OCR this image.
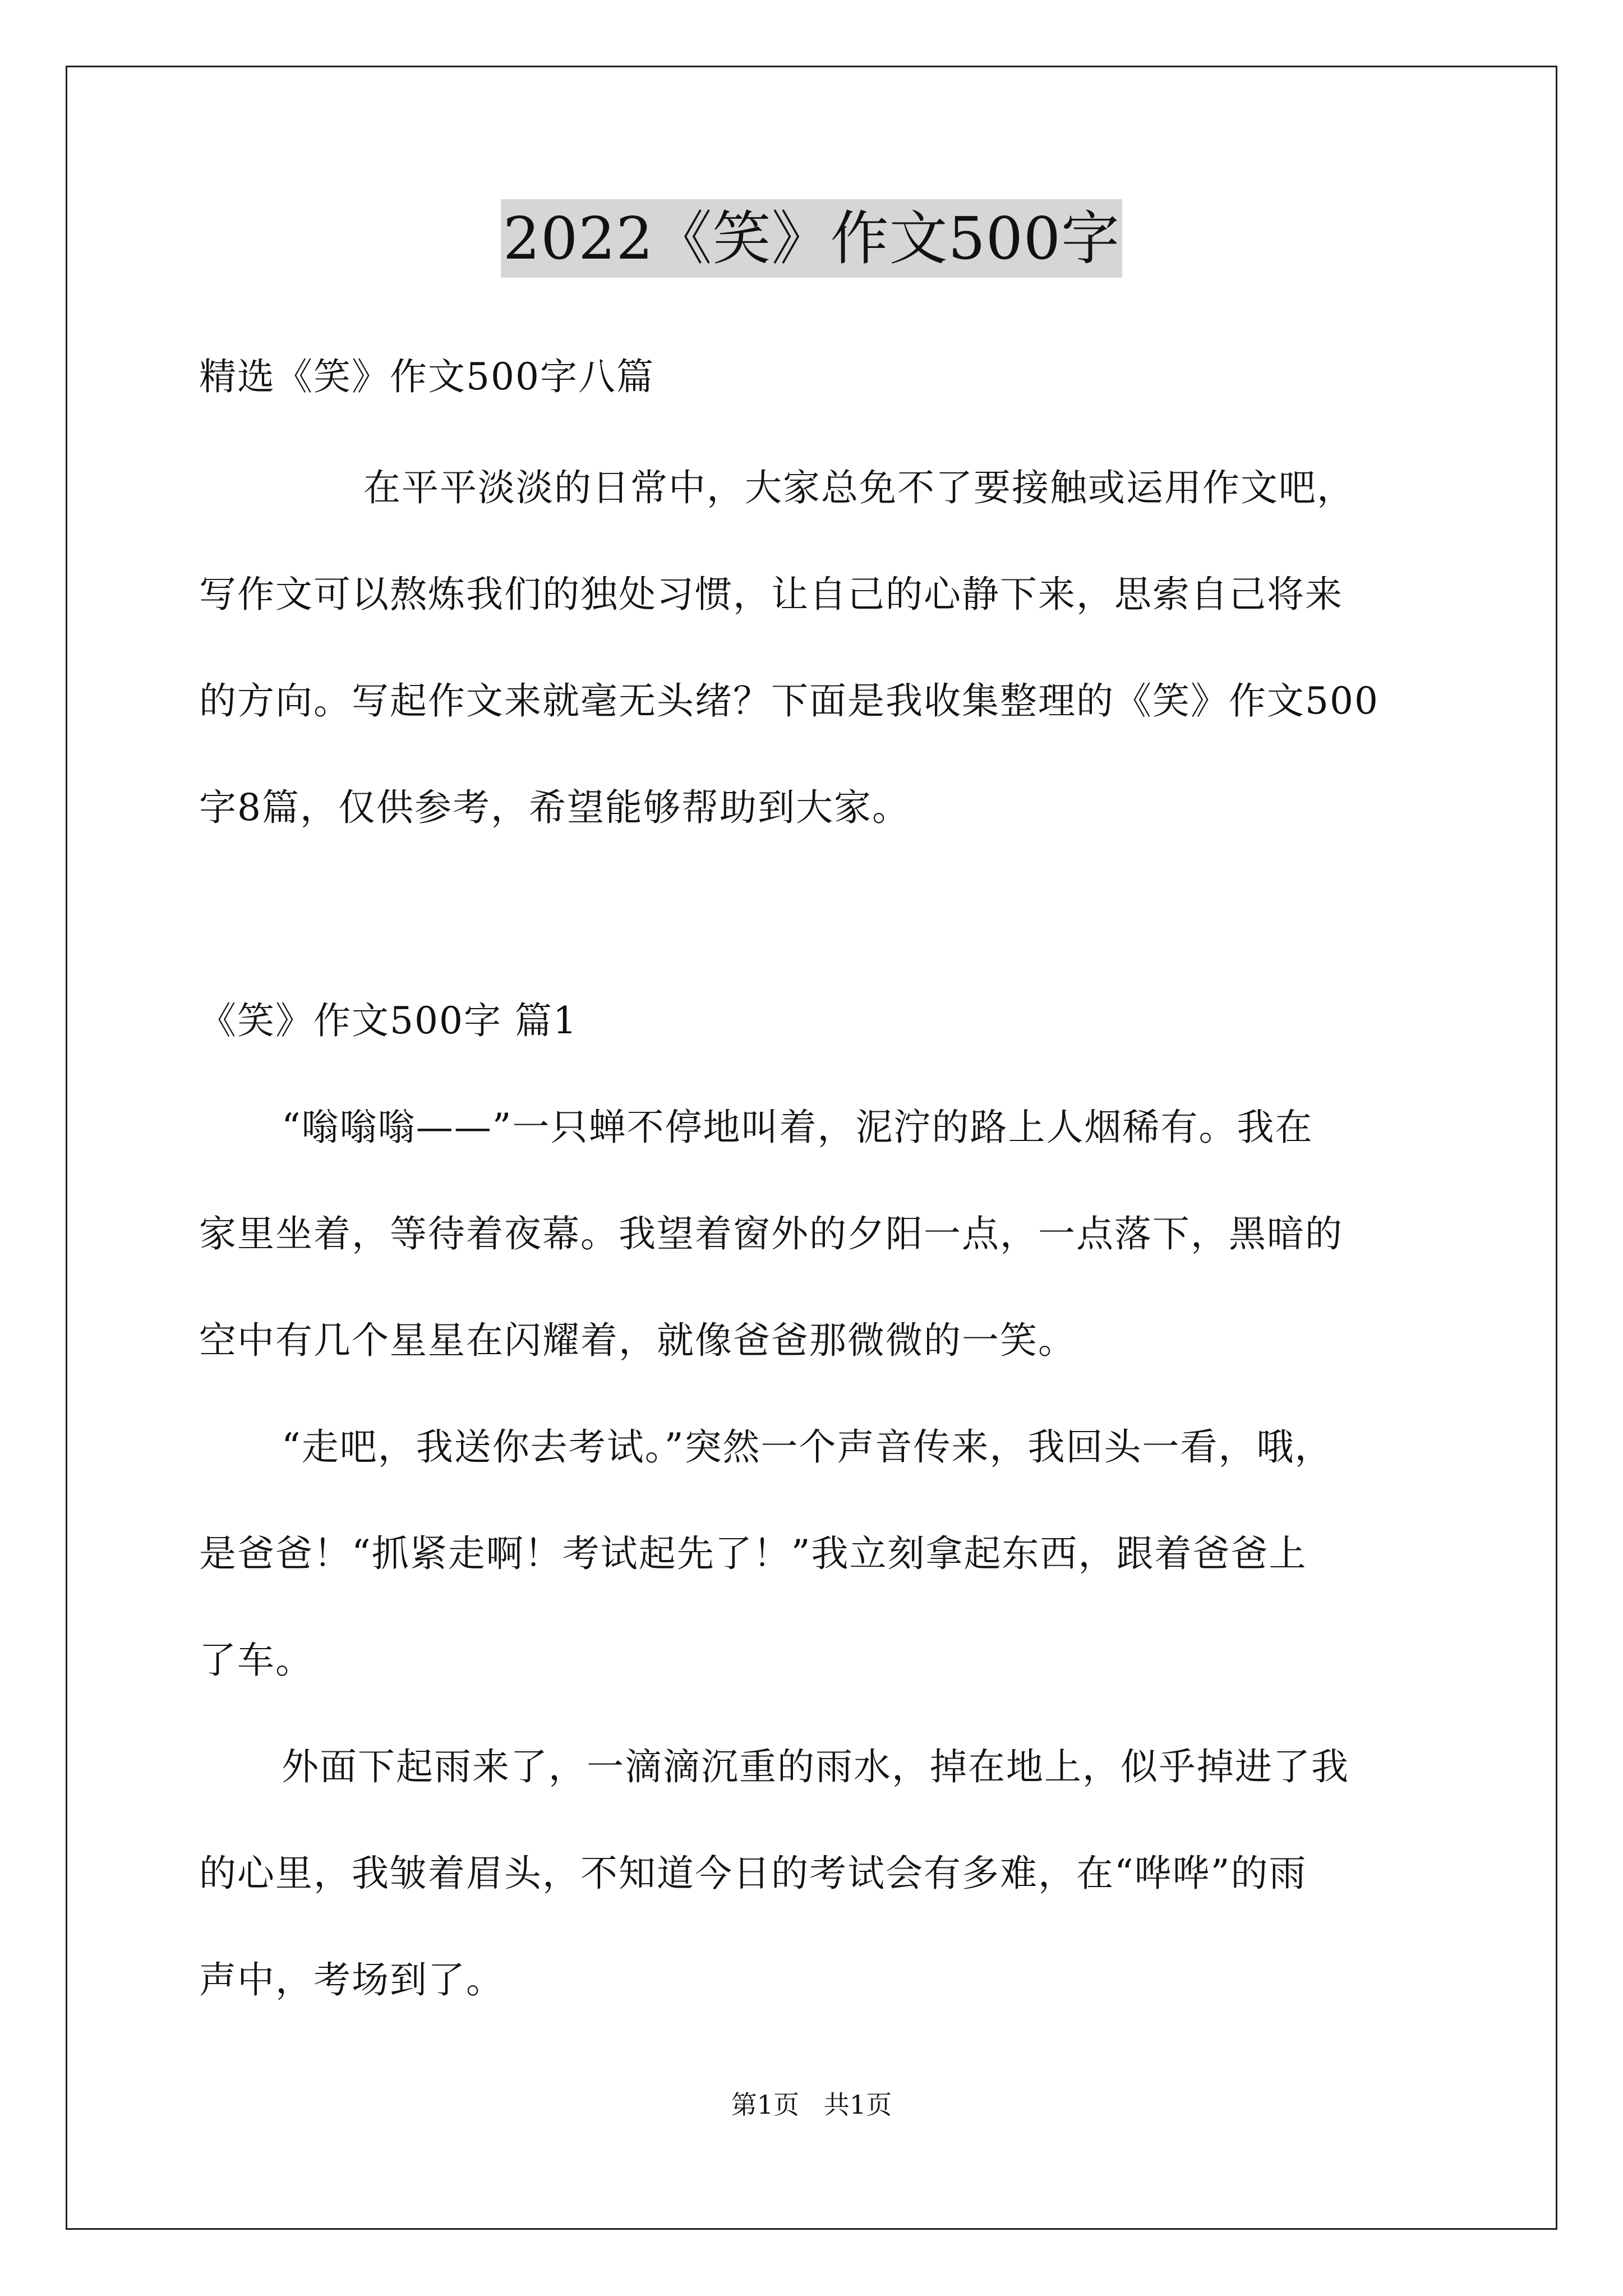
2022《笑》作文500字
精选《笑》作文500字八篇
在平平淡淡的日常中，大家总免不了要接触或运用作文吧，
写作文可以熬炼我们的独处习惯，让自己的心静下来，思索自己将来
的方向。写起作文来就毫无头绪？下面是我收集整理的《笑》作文500
字8篇，仅供参考，希望能够帮助到大家。
《笑》作文500字 篇1
“嗡嗡嗡——”一只蝉不停地叫着，泥泞的路上人烟稀有。我在
家里坐着，等待着夜幕。我望着窗外的夕阳一点，一点落下，黑暗的
空中有几个星星在闪耀着，就像爸爸那微微的一笑。
“走吧，我送你去考试。”突然一个声音传来，我回头一看，哦，
是爸爸！“抓紧走啊！考试起先了！”我立刻拿起东西，跟着爸爸上
了车。
外面下起雨来了，一滴滴沉重的雨水，掉在地上，似乎掉进了我
的心里，我皱着眉头，不知道今日的考试会有多难，在“哗哗”的雨
声中，考场到了。
第1页   共1页
